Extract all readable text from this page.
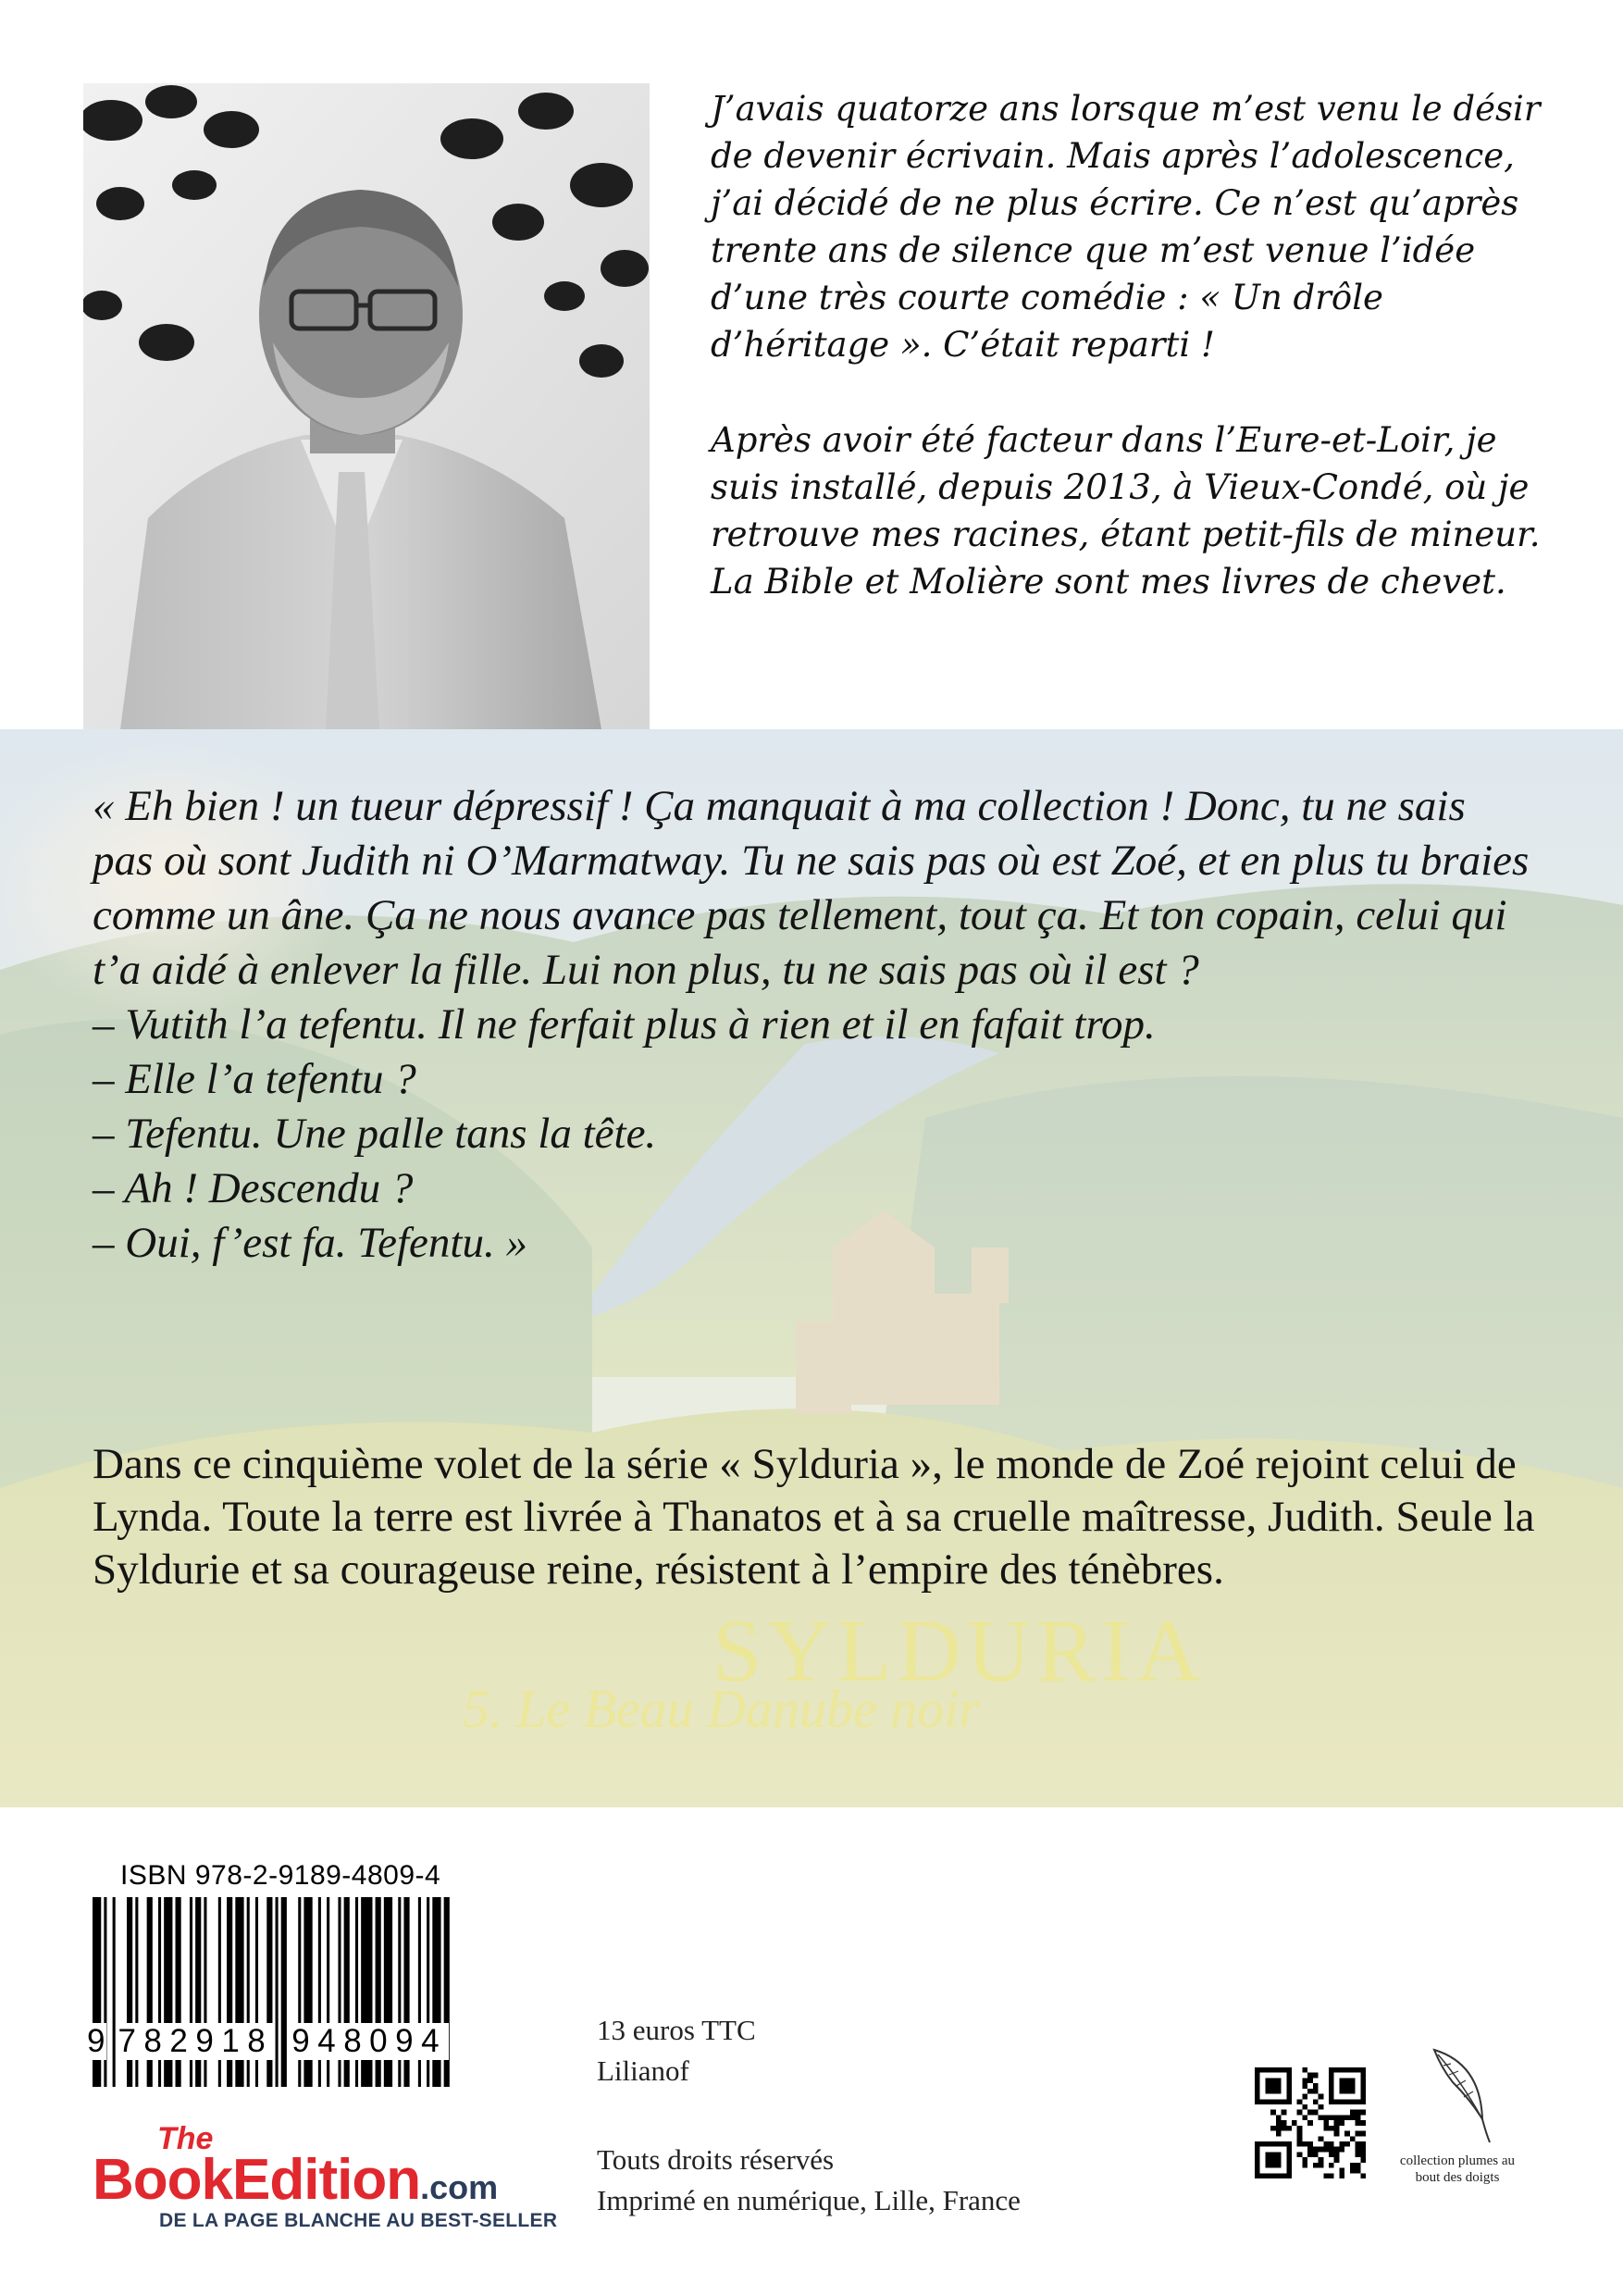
J’avais quatorze ans lorsque m’est venu le désir de devenir écrivain. Mais après l’adolescence, j’ai décidé de ne plus écrire. Ce n’est qu’après trente ans de silence que m’est venue l’idée d’une très courte comédie : « Un drôle d’héritage ». C’était reparti !

Après avoir été facteur dans l’Eure-et-Loir, je suis installé, depuis 2013, à Vieux-Condé, où je retrouve mes racines, étant petit-fils de mineur. La Bible et Molière sont mes livres de chevet.

SYLDURIA
5. Le Beau Danube noir

« Eh bien ! un tueur dépressif ! Ça manquait à ma collection ! Donc, tu ne sais pas où sont Judith ni O’Marmatway. Tu ne sais pas où est Zoé, et en plus tu braies comme un âne. Ça ne nous avance pas tellement, tout ça. Et ton copain, celui qui t’a aidé à enlever la fille. Lui non plus, tu ne sais pas où il est ?

– Vutith l’a tefentu. Il ne ferfait plus à rien et il en fafait trop.

– Elle l’a tefentu ?

– Tefentu. Une palle tans la tête.

– Ah ! Descendu ?

– Oui, f’est fa. Tefentu. »

Dans ce cinquième volet de la série « Sylduria », le monde de Zoé rejoint celui de Lynda. Toute la terre est livrée à Thanatos et à sa cruelle maîtresse, Judith. Seule la Syldurie et sa courageuse reine, résistent à l’empire des ténèbres.

ISBN 978-2-9189-4809-4
9 782918 948094	13 euros TTC

Lilianof

Touts droits réservés

Imprimé en numérique, Lille, France

The
BookEdition.com
DE LA PAGE BLANCHE AU BEST-SELLER
collection plumes au bout des doigts
